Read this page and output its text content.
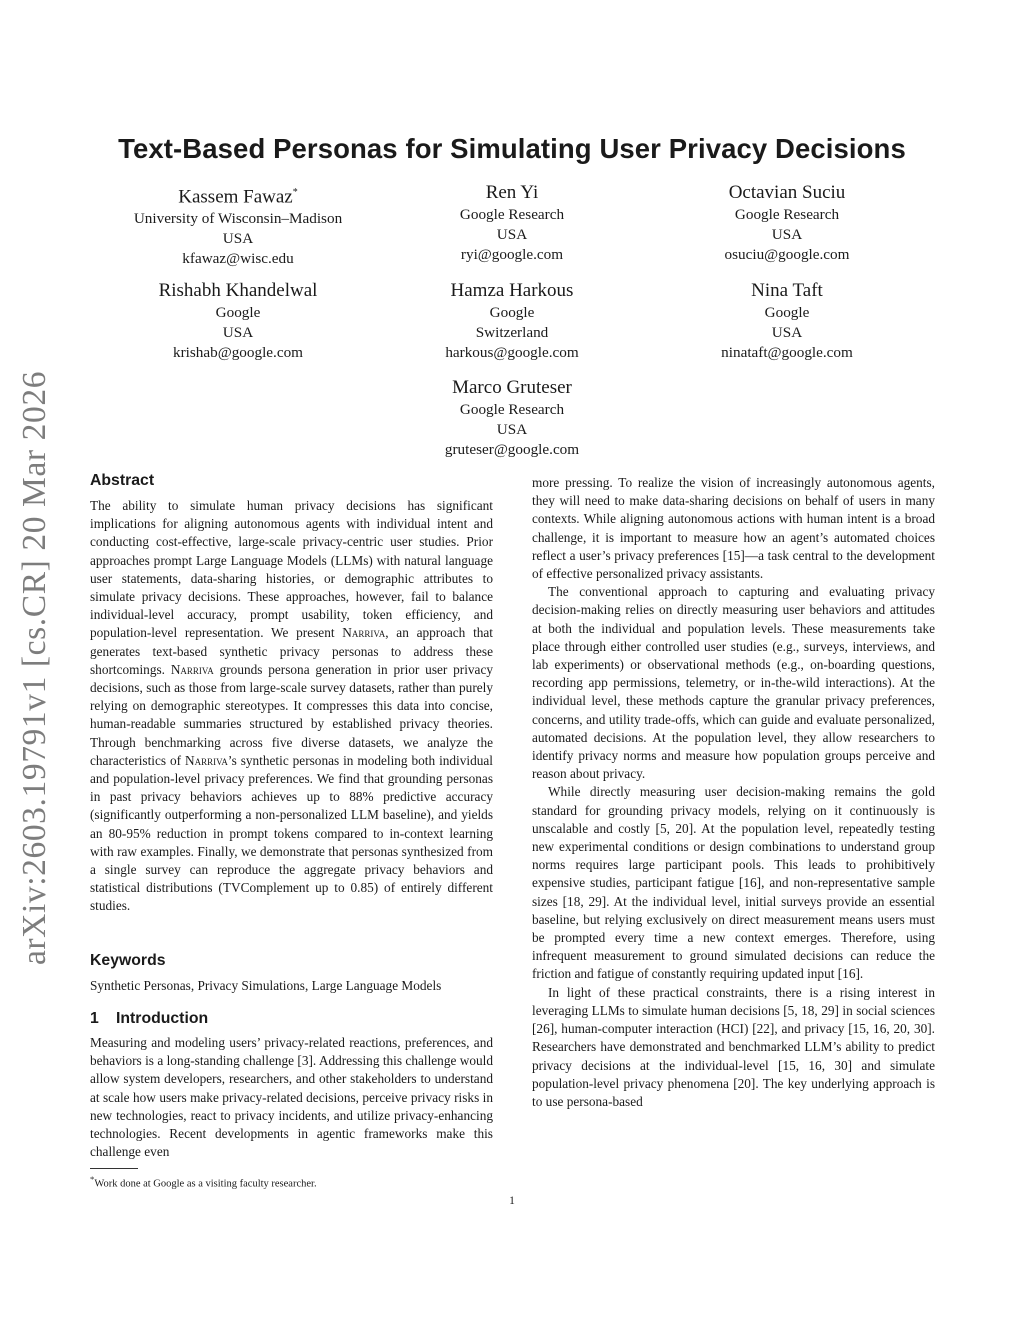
arXiv:2603.19791v1 [cs.CR] 20 Mar 2026
Text-Based Personas for Simulating User Privacy Decisions
Kassem Fawaz*
University of Wisconsin–Madison
USA
kfawaz@wisc.edu
Ren Yi
Google Research
USA
ryi@google.com
Octavian Suciu
Google Research
USA
osuciu@google.com
Rishabh Khandelwal
Google
USA
krishab@google.com
Hamza Harkous
Google
Switzerland
harkous@google.com
Nina Taft
Google
USA
ninataft@google.com
Marco Gruteser
Google Research
USA
gruteser@google.com
Abstract

The ability to simulate human privacy decisions has significant implications for aligning autonomous agents with individual intent and conducting cost-effective, large-scale privacy-centric user studies. Prior approaches prompt Large Language Models (LLMs) with natural language user statements, data-sharing histories, or demographic attributes to simulate privacy decisions. These approaches, however, fail to balance individual-level accuracy, prompt usability, token efficiency, and population-level representation. We present Narriva, an approach that generates text-based synthetic privacy personas to address these shortcomings. Narriva grounds persona generation in prior user privacy decisions, such as those from large-scale survey datasets, rather than purely relying on demographic stereotypes. It compresses this data into concise, human-readable summaries structured by established privacy theories. Through benchmarking across five diverse datasets, we analyze the characteristics of Narriva’s synthetic personas in modeling both individual and population-level privacy preferences. We find that grounding personas in past privacy behaviors achieves up to 88% predictive accuracy (significantly outperforming a non-personalized LLM baseline), and yields an 80-95% reduction in prompt tokens compared to in-context learning with raw examples. Finally, we demonstrate that personas synthesized from a single survey can reproduce the aggregate privacy behaviors and statistical distributions (TVComplement up to 0.85) of entirely different studies.

Keywords
Synthetic Personas, Privacy Simulations, Large Language Models
1 Introduction

Measuring and modeling users’ privacy-related reactions, preferences, and behaviors is a long-standing challenge [3]. Addressing this challenge would allow system developers, researchers, and other stakeholders to understand at scale how users make privacy-related decisions, perceive privacy risks in new technologies, react to privacy incidents, and utilize privacy-enhancing technologies. Recent developments in agentic frameworks make this challenge even

*Work done at Google as a visiting faculty researcher.

more pressing. To realize the vision of increasingly autonomous agents, they will need to make data-sharing decisions on behalf of users in many contexts. While aligning autonomous actions with human intent is a broad challenge, it is important to measure how an agent’s automated choices reflect a user’s privacy preferences [15]—a task central to the development of effective personalized privacy assistants.

The conventional approach to capturing and evaluating privacy decision-making relies on directly measuring user behaviors and attitudes at both the individual and population levels. These measurements take place through either controlled user studies (e.g., surveys, interviews, and lab experiments) or observational methods (e.g., on-boarding questions, recording app permissions, telemetry, or in-the-wild interactions). At the individual level, these methods capture the granular privacy preferences, concerns, and utility trade-offs, which can guide and evaluate personalized, automated decisions. At the population level, they allow researchers to identify privacy norms and measure how population groups perceive and reason about privacy.

While directly measuring user decision-making remains the gold standard for grounding privacy models, relying on it continuously is unscalable and costly [5, 20]. At the population level, repeatedly testing new experimental conditions or design combinations to understand group norms requires large participant pools. This leads to prohibitively expensive studies, participant fatigue [16], and non-representative sample sizes [18, 29]. At the individual level, initial surveys provide an essential baseline, but relying exclusively on direct measurement means users must be prompted every time a new context emerges. Therefore, using infrequent measurement to ground simulated decisions can reduce the friction and fatigue of constantly requiring updated input [16].

In light of these practical constraints, there is a rising interest in leveraging LLMs to simulate human decisions [5, 18, 29] in social sciences [26], human-computer interaction (HCI) [22], and privacy [15, 16, 20, 30]. Researchers have demonstrated and benchmarked LLM’s ability to predict privacy decisions at the individual-level [15, 16, 30] and simulate population-level privacy phenomena [20]. The key underlying approach is to use persona-based

1
